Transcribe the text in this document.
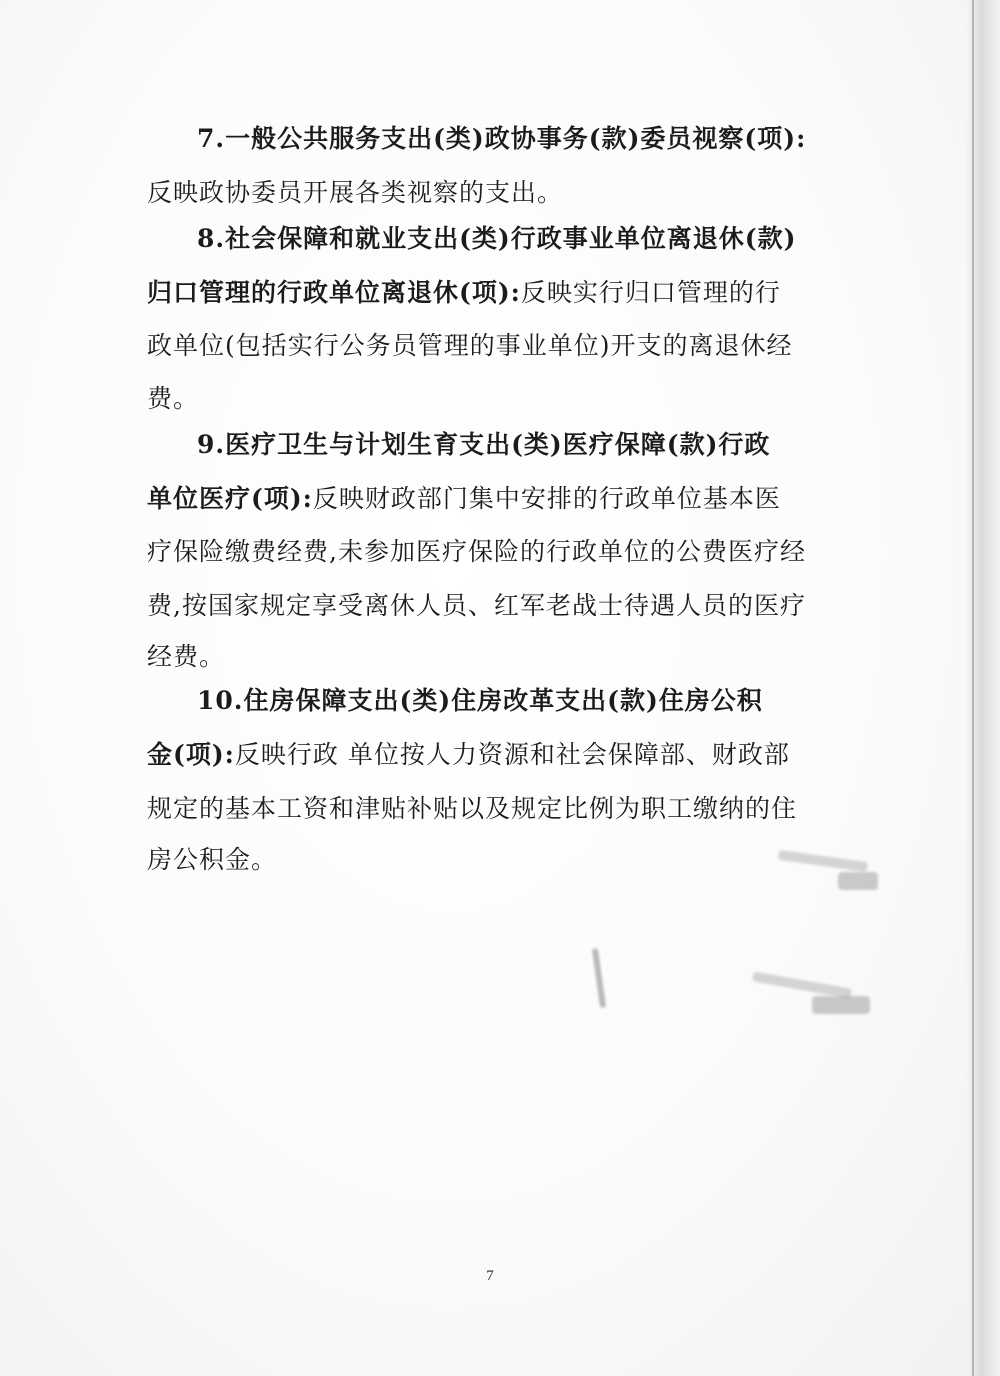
7.一般公共服务支出(类)政协事务(款)委员视察(项):
反映政协委员开展各类视察的支出。
8.社会保障和就业支出(类)行政事业单位离退休(款)
归口管理的行政单位离退休(项):反映实行归口管理的行
政单位(包括实行公务员管理的事业单位)开支的离退休经
费。
9.医疗卫生与计划生育支出(类)医疗保障(款)行政
单位医疗(项):反映财政部门集中安排的行政单位基本医
疗保险缴费经费,未参加医疗保险的行政单位的公费医疗经
费,按国家规定享受离休人员、红军老战士待遇人员的医疗
经费。
10.住房保障支出(类)住房改革支出(款)住房公积
金(项):反映行政 单位按人力资源和社会保障部、财政部
规定的基本工资和津贴补贴以及规定比例为职工缴纳的住
房公积金。
7
